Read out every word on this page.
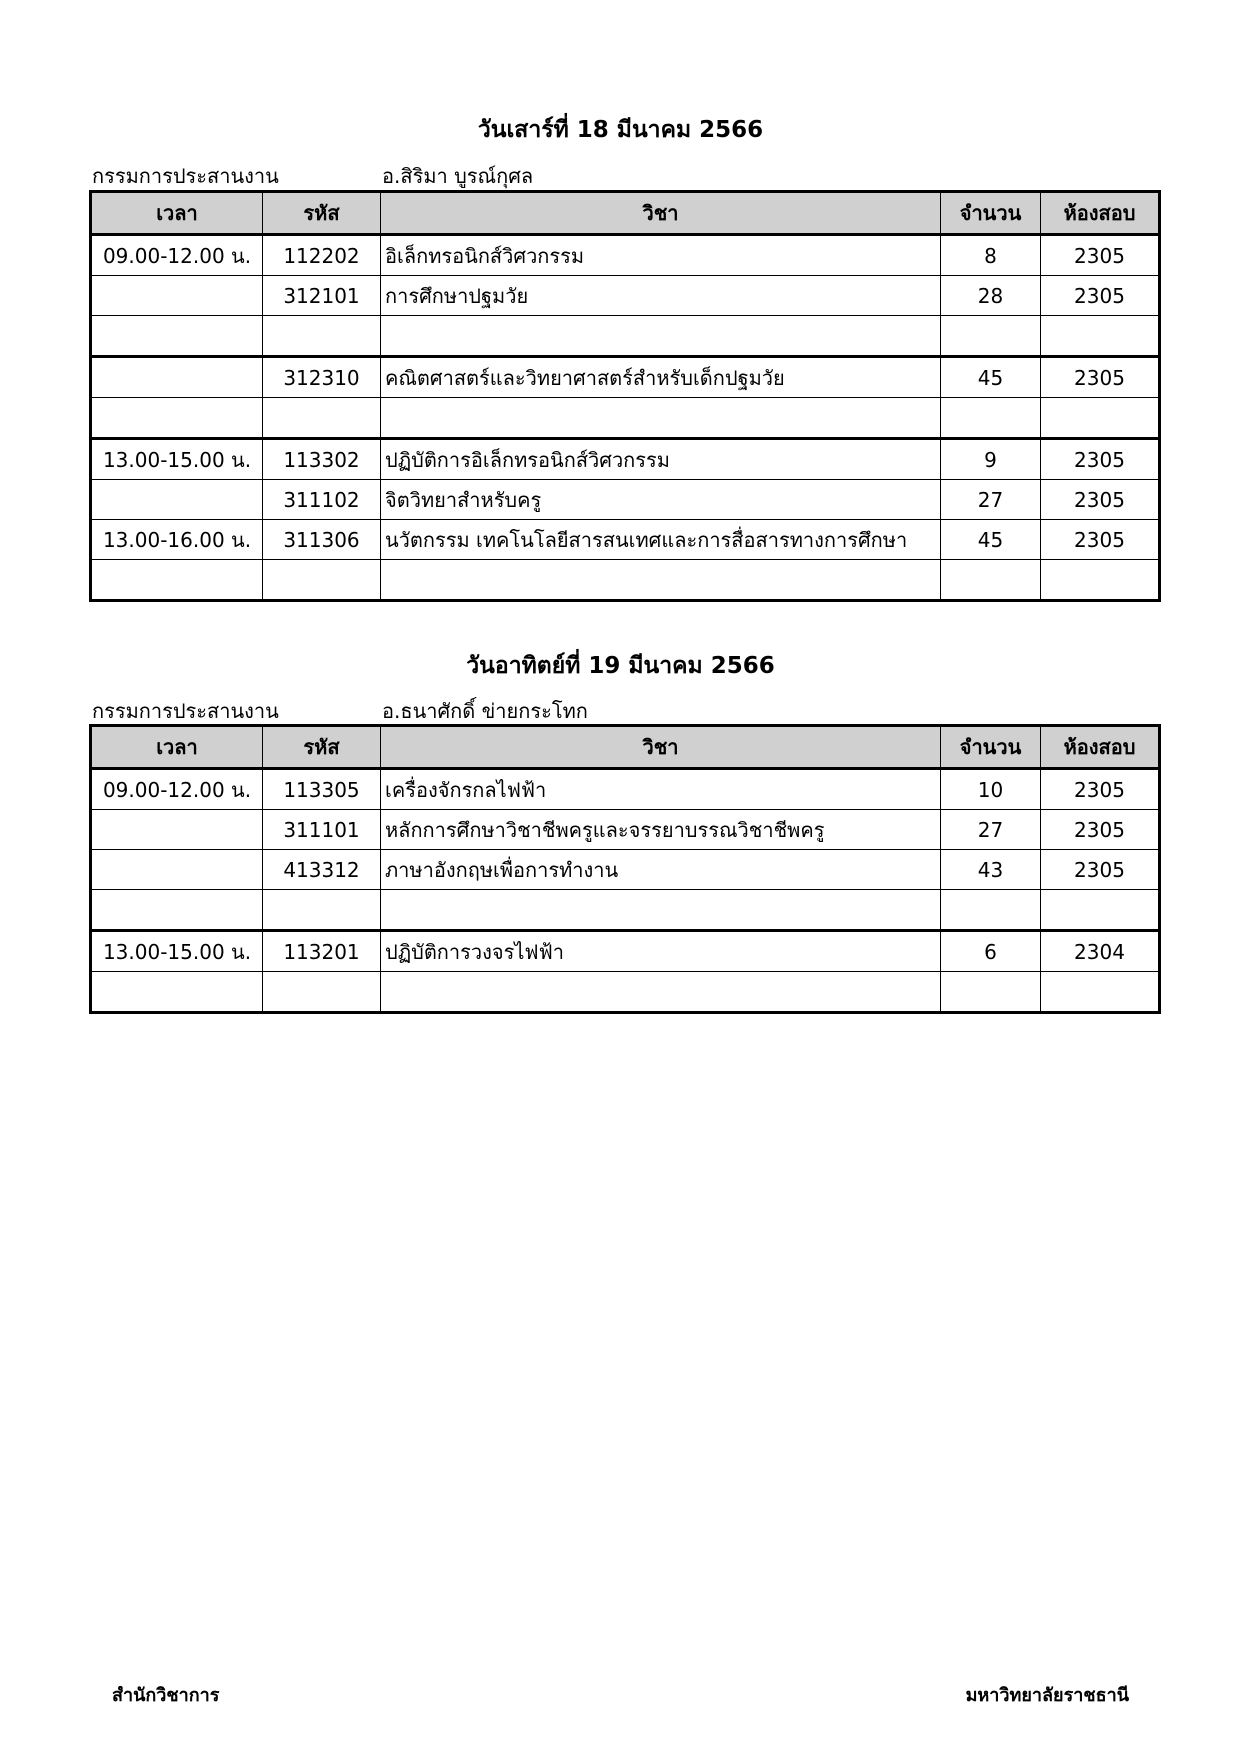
วันเสาร์ที่ 18 มีนาคม 2566
กรรมการประสานงาน	อ.สิริมา บูรณ์กุศล
เวลา	รหัส	วิชา	จำนวน	ห้องสอบ
09.00-12.00 น.	112202	อิเล็กทรอนิกส์วิศวกรรม	8	2305
	312101	การศึกษาปฐมวัย	28	2305

	312310	คณิตศาสตร์และวิทยาศาสตร์สำหรับเด็กปฐมวัย	45	2305

13.00-15.00 น.	113302	ปฏิบัติการอิเล็กทรอนิกส์วิศวกรรม	9	2305
	311102	จิตวิทยาสำหรับครู	27	2305
13.00-16.00 น.	311306	นวัตกรรม เทคโนโลยีสารสนเทศและการสื่อสารทางการศึกษา	45	2305

วันอาทิตย์ที่ 19 มีนาคม 2566
กรรมการประสานงาน	อ.ธนาศักดิ์ ข่ายกระโทก
เวลา	รหัส	วิชา	จำนวน	ห้องสอบ
09.00-12.00 น.	113305	เครื่องจักรกลไฟฟ้า	10	2305
	311101	หลักการศึกษาวิชาชีพครูและจรรยาบรรณวิชาชีพครู	27	2305
	413312	ภาษาอังกฤษเพื่อการทำงาน	43	2305

13.00-15.00 น.	113201	ปฏิบัติการวงจรไฟฟ้า	6	2304

สำนักวิชาการ	มหาวิทยาลัยราชธานี
